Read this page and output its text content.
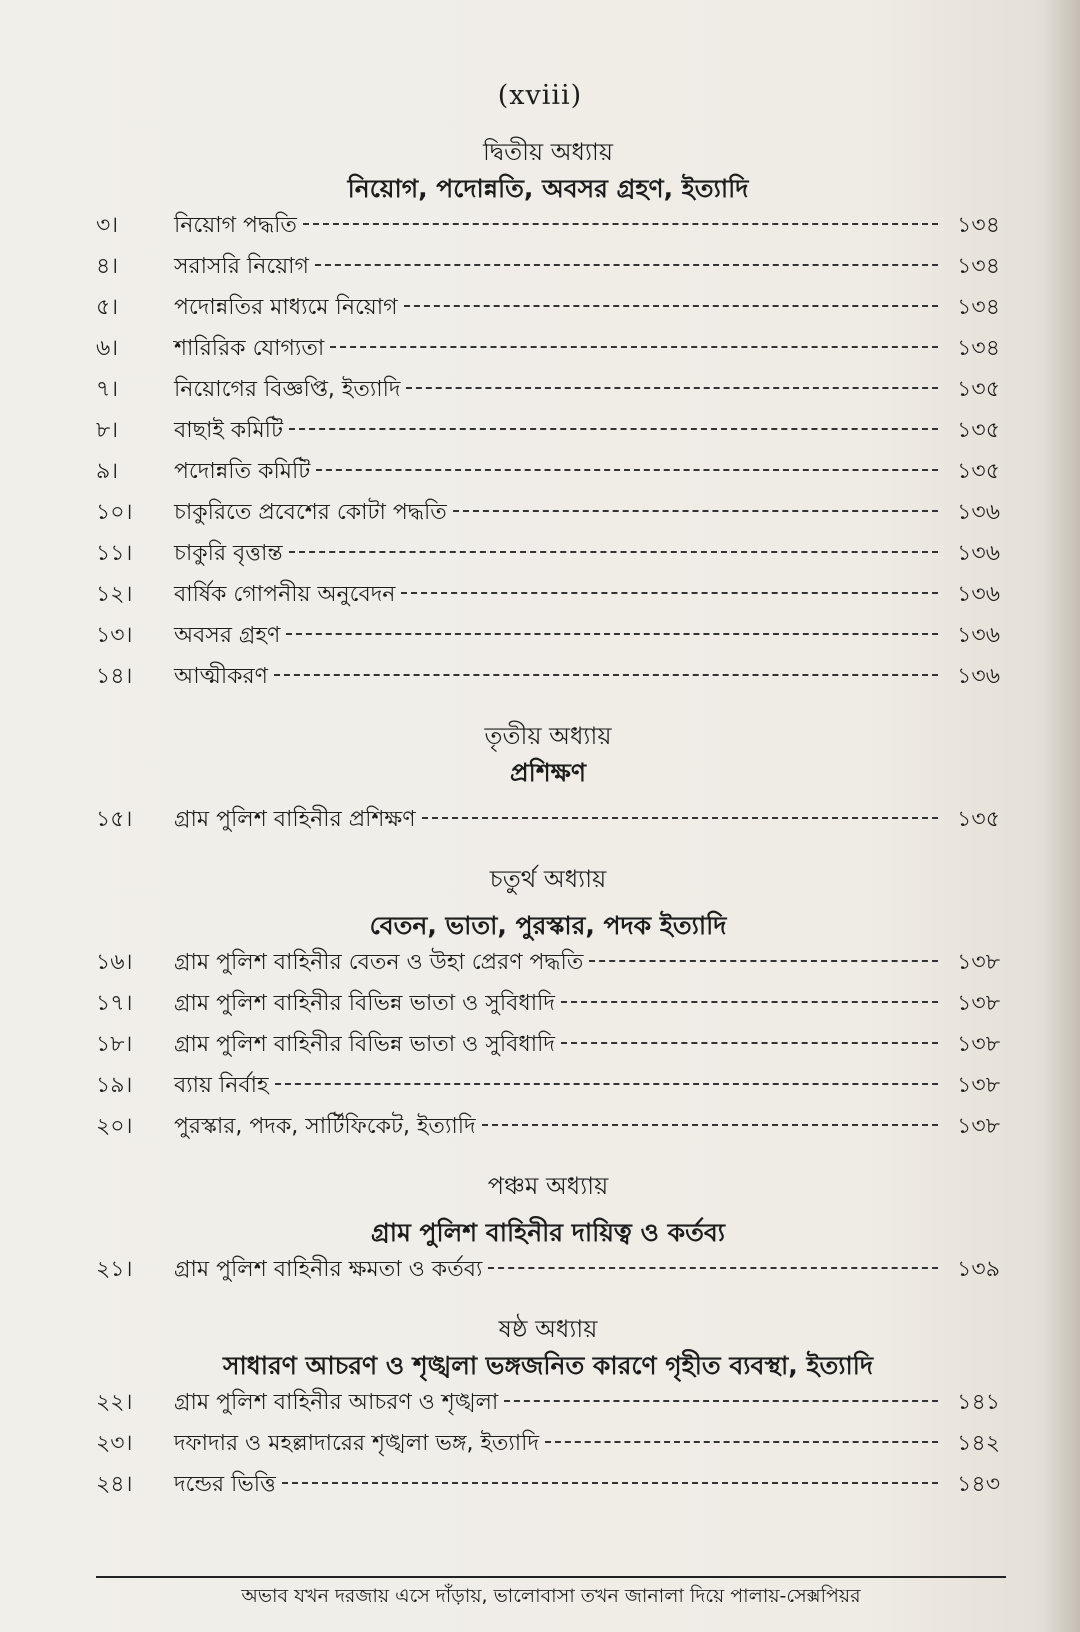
(xviii)
দ্বিতীয় অধ্যায়
নিয়োগ, পদোন্নতি, অবসর গ্রহণ, ইত্যাদি
৩।	নিয়োগ পদ্ধতি	১৩৪
৪।	সরাসরি নিয়োগ	১৩৪
৫।	পদোন্নতির মাধ্যমে নিয়োগ	১৩৪
৬।	শারিরিক যোগ্যতা	১৩৪
৭।	নিয়োগের বিজ্ঞপ্তি, ইত্যাদি	১৩৫
৮।	বাছাই কমিটি	১৩৫
৯।	পদোন্নতি কমিটি	১৩৫
১০।	চাকুরিতে প্রবেশের কোটা পদ্ধতি	১৩৬
১১।	চাকুরি বৃত্তান্ত	১৩৬
১২।	বার্ষিক গোপনীয় অনুবেদন	১৩৬
১৩।	অবসর গ্রহণ	১৩৬
১৪।	আত্মীকরণ	১৩৬
তৃতীয় অধ্যায়
প্রশিক্ষণ
১৫।	গ্রাম পুলিশ বাহিনীর প্রশিক্ষণ	১৩৫
চতুর্থ অধ্যায়
বেতন, ভাতা, পুরস্কার, পদক ইত্যাদি
১৬।	গ্রাম পুলিশ বাহিনীর বেতন ও উহা প্রেরণ পদ্ধতি	১৩৮
১৭।	গ্রাম পুলিশ বাহিনীর বিভিন্ন ভাতা ও সুবিধাদি	১৩৮
১৮।	গ্রাম পুলিশ বাহিনীর বিভিন্ন ভাতা ও সুবিধাদি	১৩৮
১৯।	ব্যায় নির্বাহ	১৩৮
২০।	পুরস্কার, পদক, সার্টিফিকেট, ইত্যাদি	১৩৮
পঞ্চম অধ্যায়
গ্রাম পুলিশ বাহিনীর দায়িত্ব ও কর্তব্য
২১।	গ্রাম পুলিশ বাহিনীর ক্ষমতা ও কর্তব্য	১৩৯
ষষ্ঠ অধ্যায়
সাধারণ আচরণ ও শৃঙ্খলা ভঙ্গজনিত কারণে গৃহীত ব্যবস্থা, ইত্যাদি
২২।	গ্রাম পুলিশ বাহিনীর আচরণ ও শৃঙ্খলা	১৪১
২৩।	দফাদার ও মহল্লাদারের শৃঙ্খলা ভঙ্গ, ইত্যাদি	১৪২
২৪।	দন্ডের ভিত্তি	১৪৩
অভাব যখন দরজায় এসে দাঁড়ায়, ভালোবাসা তখন জানালা দিয়ে পালায়-সেক্সপিয়র
